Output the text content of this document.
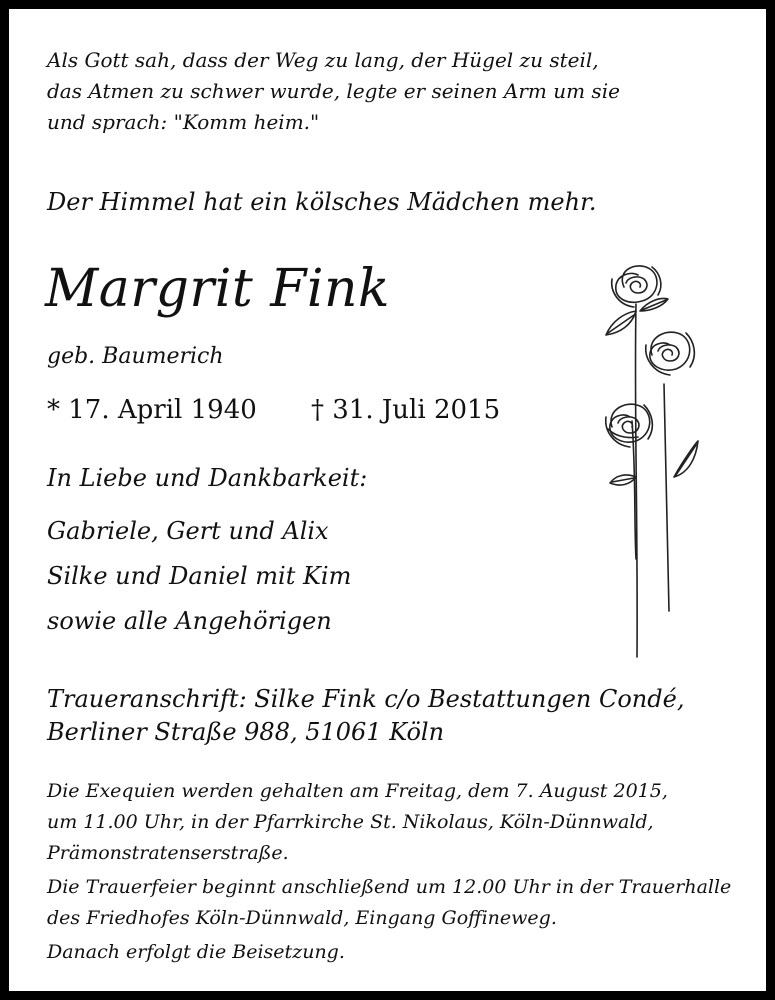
Als Gott sah, dass der Weg zu lang, der Hügel zu steil,
das Atmen zu schwer wurde, legte er seinen Arm um sie
und sprach: "Komm heim."
Der Himmel hat ein kölsches Mädchen mehr.
Margrit Fink
geb. Baumerich
* 17. April 1940 † 31. Juli 2015
In Liebe und Dankbarkeit:
Gabriele, Gert und Alix
Silke und Daniel mit Kim
sowie alle Angehörigen
Traueranschrift: Silke Fink c/o Bestattungen Condé,
Berliner Straße 988, 51061 Köln
Die Exequien werden gehalten am Freitag, dem 7. August 2015,
um 11.00 Uhr, in der Pfarrkirche St. Nikolaus, Köln-Dünnwald,
Prämonstratenserstraße.
Die Trauerfeier beginnt anschließend um 12.00 Uhr in der Trauerhalle
des Friedhofes Köln-Dünnwald, Eingang Goffineweg.
Danach erfolgt die Beisetzung.
